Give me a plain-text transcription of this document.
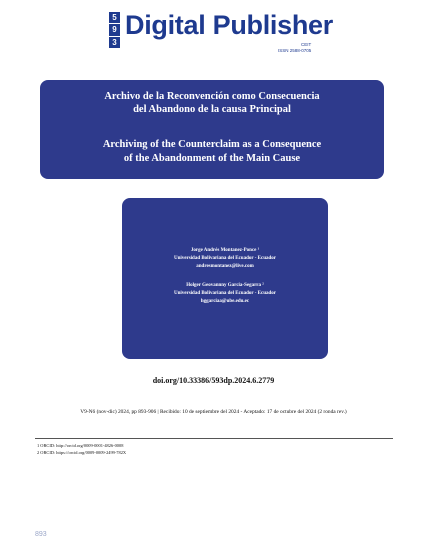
5
9
3
Digital Publisher
CEIT
ISSN 2588-0705
Archivo de la Reconvención como Consecuencia
del Abandono de la causa Principal
Archiving of the Counterclaim as a Consequence
of the Abandonment of the Main Cause
Jorge Andrés Montanez-Ponce ¹
Universidad Bolivariana del Ecuador - Ecuador
andresmontanez@live.com
Holger Geovannny Garcia-Segarra ²
Universidad Bolivariana del Ecuador - Ecuador
hggarciaa@ube.edu.ec
doi.org/10.33386/593dp.2024.6.2779
V9-N6 (nov-dic) 2024, pp 893-906 | Recibido: 10 de septiembre del 2024 - Aceptado: 17 de octubre del 2024 (2 ronda rev.)
1 ORCID: http://orcid.org/0009-0001-4826-0008
2 ORCID: https://orcid.org/0009-0009-2499-782X
893
